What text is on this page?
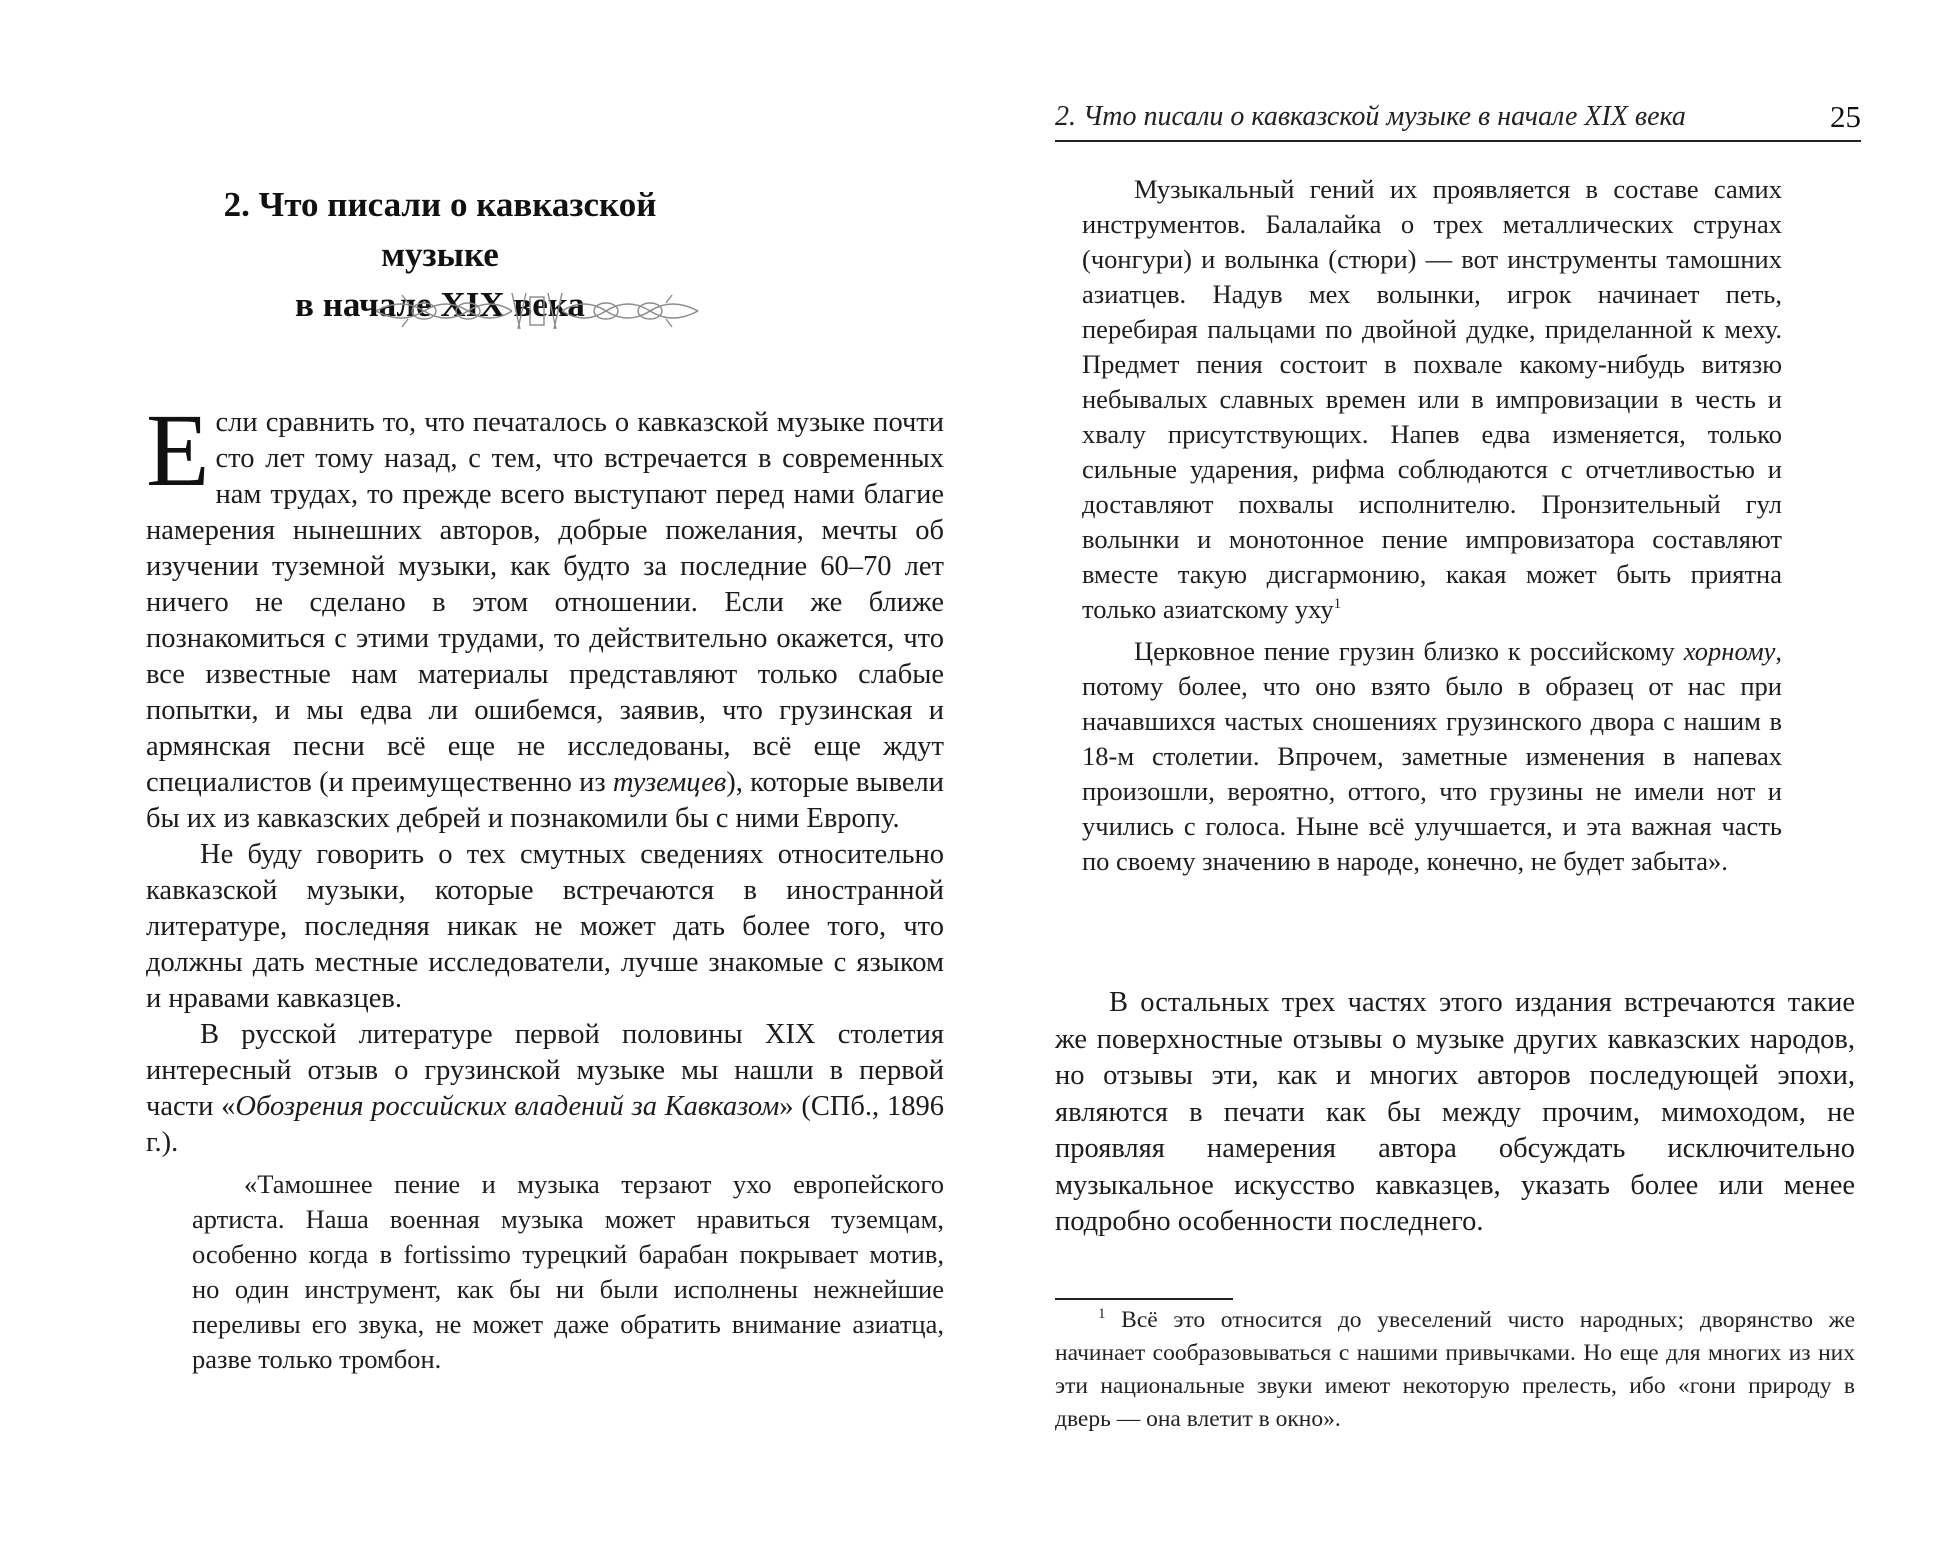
2. Что писали о кавказской музыке
в начале XIX века

Если сравнить то, что печаталось о кавказской музыке почти сто лет тому назад, с тем, что встречается в современных нам трудах, то прежде всего выступают перед нами благие намерения нынешних авторов, добрые пожелания, мечты об изучении туземной музыки, как будто за последние 60–70 лет ничего не сделано в этом отношении. Если же ближе познакомиться с этими трудами, то действительно окажется, что все известные нам материалы представляют только слабые попытки, и мы едва ли ошибемся, заявив, что грузинская и армянская песни всё еще не исследованы, всё еще ждут специалистов (и преимущественно из туземцев), которые вывели бы их из кавказских дебрей и познакомили бы с ними Европу.

Не буду говорить о тех смутных сведениях относительно кавказской музыки, которые встречаются в иностранной литературе, последняя никак не может дать более того, что должны дать местные исследователи, лучше знакомые с языком и нравами кавказцев.

В русской литературе первой половины XIX столетия интересный отзыв о грузинской музыке мы нашли в первой части «Обозрения российских владений за Кавказом» (СПб., 1896 г.).

«Тамошнее пение и музыка терзают ухо европейского артиста. Наша военная музыка может нравиться туземцам, особенно когда в fortissimo турецкий барабан покрывает мотив, но один инструмент, как бы ни были исполнены нежнейшие переливы его звука, не может даже обратить внимание азиатца, разве только тромбон.

2. Что писали о кавказской музыке в начале XIX века	25

Музыкальный гений их проявляется в составе самих инструментов. Балалайка о трех металлических струнах (чонгури) и волынка (стюри) — вот инструменты тамошних азиатцев. Надув мех волынки, игрок начинает петь, перебирая пальцами по двойной дудке, приделанной к меху. Предмет пения состоит в похвале какому-нибудь витязю небывалых славных времен или в импровизации в честь и хвалу присутствующих. Напев едва изменяется, только сильные ударения, рифма соблюдаются с отчетливостью и доставляют похвалы исполнителю. Пронзительный гул волынки и монотонное пение импровизатора составляют вместе такую дисгармонию, какая может быть приятна только азиатскому уху$^1$

Церковное пение грузин близко к российскому хорному, потому более, что оно взято было в образец от нас при начавшихся частых сношениях грузинского двора с нашим в 18-м столетии. Впрочем, заметные изменения в напевах произошли, вероятно, оттого, что грузины не имели нот и учились с голоса. Ныне всё улучшается, и эта важная часть по своему значению в народе, конечно, не будет забыта».

В остальных трех частях этого издания встречаются такие же поверхностные отзывы о музыке других кавказских народов, но отзывы эти, как и многих авторов последующей эпохи, являются в печати как бы между прочим, мимоходом, не проявляя намерения автора обсуждать исключительно музыкальное искусство кавказцев, указать более или менее подробно особенности последнего.

$^1$ Всё это относится до увеселений чисто народных; дворянство же начинает сообразовываться с нашими привычками. Но еще для многих из них эти национальные звуки имеют некоторую прелесть, ибо «гони природу в дверь — она влетит в окно».
